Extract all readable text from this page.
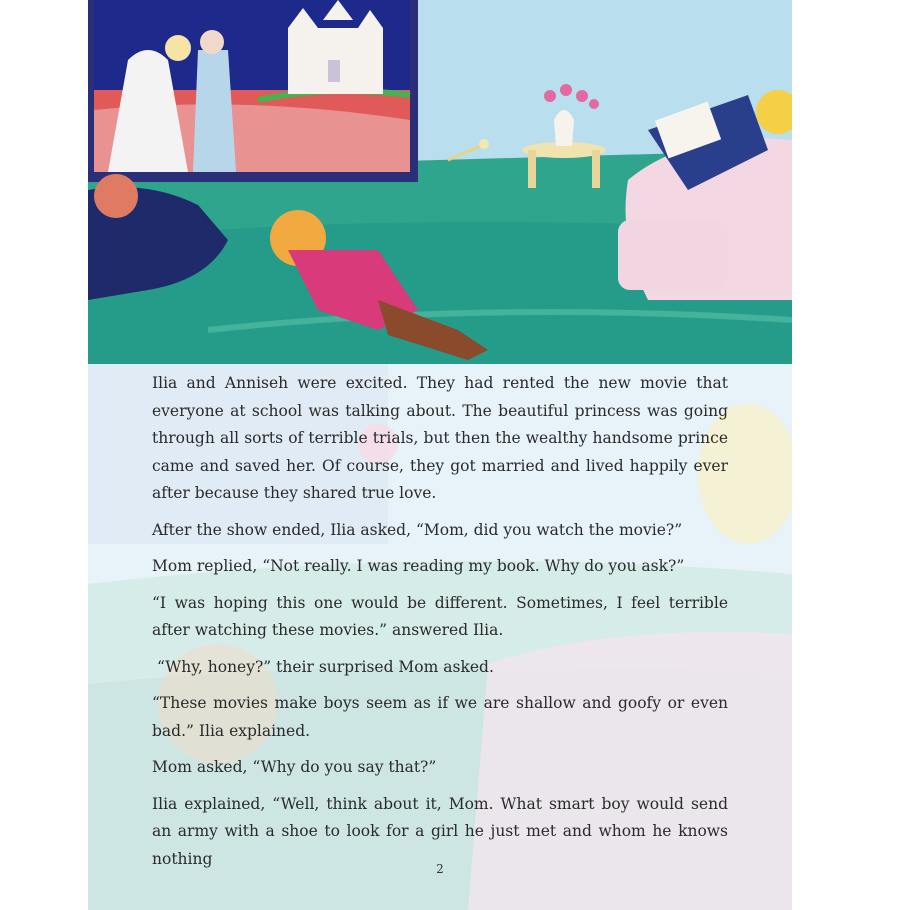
Ilia and Anniseh were excited. They had rented the new movie that everyone at school was talking about. The beautiful princess was going through all sorts of terrible trials, but then the wealthy handsome prince came and saved her. Of course, they got married and lived happily ever after because they shared true love.

After the show ended, Ilia asked, “Mom, did you watch the movie?”

Mom replied, “Not really. I was reading my book. Why do you ask?”

“I was hoping this one would be different. Sometimes, I feel terrible after watching these movies.” answered Ilia.

“Why, honey?” their surprised Mom asked.

“These movies make boys seem as if we are shallow and goofy or even bad.” Ilia explained.

Mom asked, “Why do you say that?”

Ilia explained, “Well, think about it, Mom. What smart boy would send an army with a shoe to look for a girl he just met and whom he knows nothing

2
